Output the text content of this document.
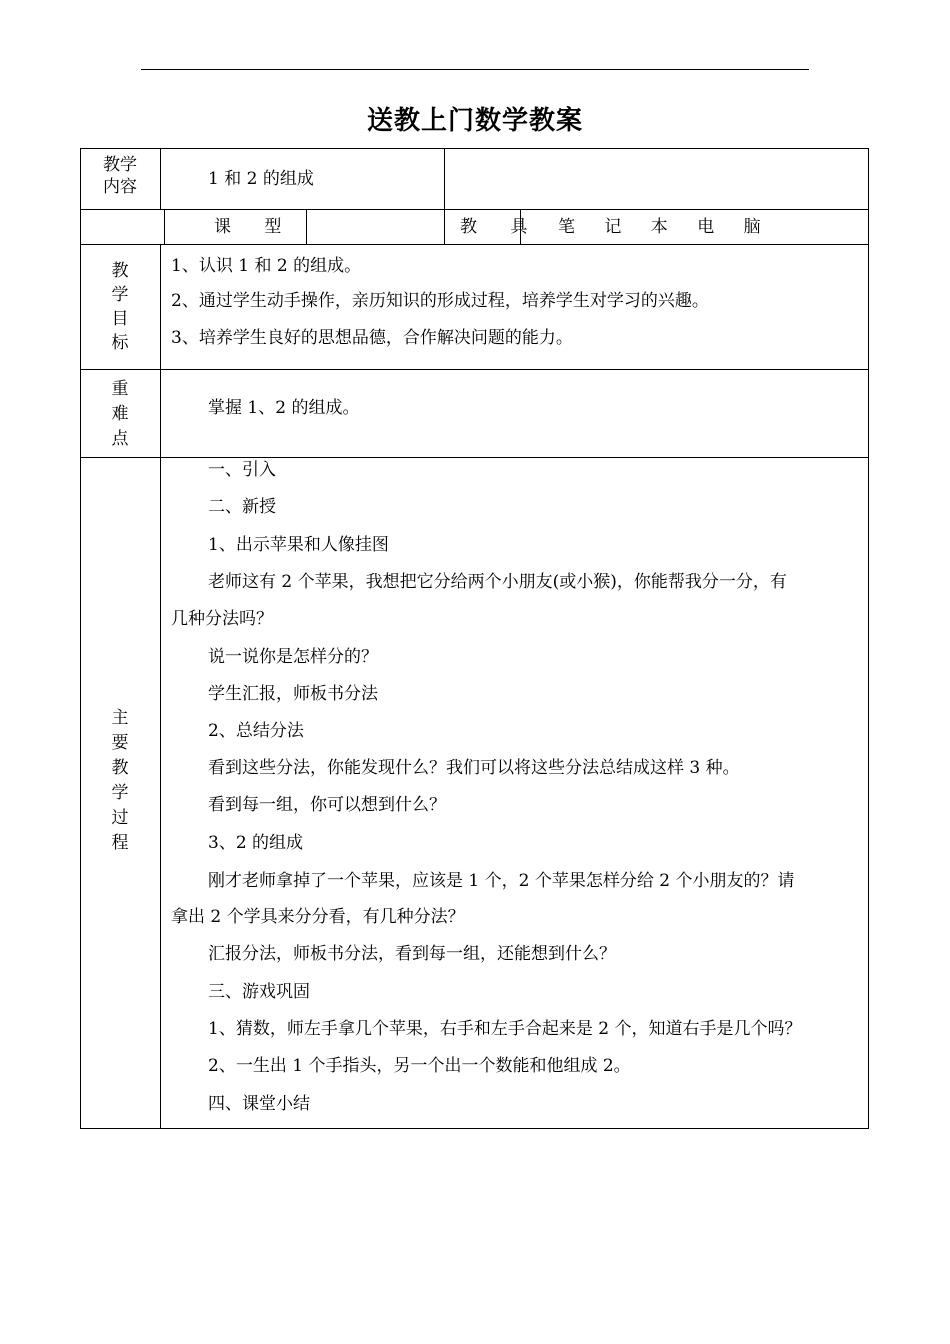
送教上门数学教案
教学
内容	1 和 2 的组成
课 型	教 具 笔 记 本 电 脑
教
学
目
标
1、认识 1 和 2 的组成。
2、通过学生动手操作，亲历知识的形成过程，培养学生对学习的兴趣。
3、培养学生良好的思想品德，合作解决问题的能力。
重
难
点
掌握 1、2 的组成。
主
要
教
学
过
程
一、引入
二、新授
1、出示苹果和人像挂图
老师这有 2 个苹果，我想把它分给两个小朋友(或小猴)，你能帮我分一分，有
几种分法吗？
说一说你是怎样分的？
学生汇报，师板书分法
2、总结分法
看到这些分法，你能发现什么？我们可以将这些分法总结成这样 3 种。
看到每一组，你可以想到什么？
3、2 的组成
刚才老师拿掉了一个苹果，应该是 1 个，2 个苹果怎样分给 2 个小朋友的？请
拿出 2 个学具来分分看，有几种分法？
汇报分法，师板书分法，看到每一组，还能想到什么？
三、游戏巩固
1、猜数，师左手拿几个苹果，右手和左手合起来是 2 个，知道右手是几个吗？
2、一生出 1 个手指头，另一个出一个数能和他组成 2。
四、课堂小结
